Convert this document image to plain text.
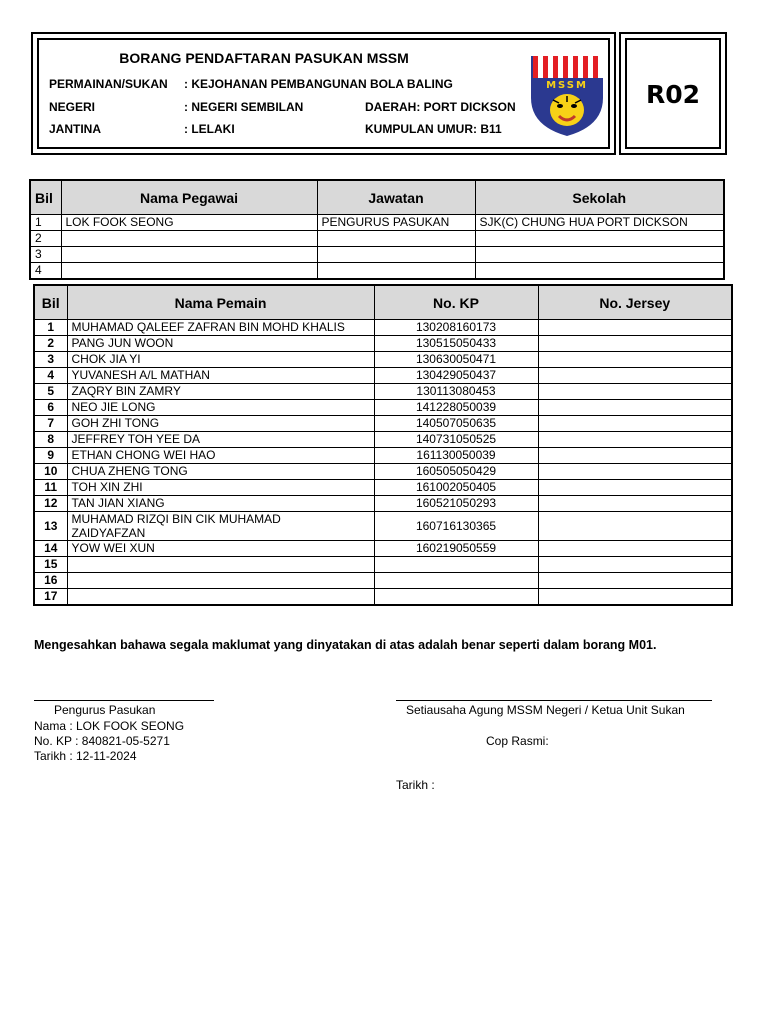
BORANG PENDAFTARAN PASUKAN MSSM
PERMAINAN/SUKAN : KEJOHANAN PEMBANGUNAN BOLA BALING
NEGERI	: NEGERI SEMBILAN	DAERAH: PORT DICKSON
JANTINA	: LELAKI	KUMPULAN UMUR: B11
MSSM	R02
Bil	Nama Pegawai	Jawatan	Sekolah
1	LOK FOOK SEONG	PENGURUS PASUKAN	SJK(C) CHUNG HUA PORT DICKSON
2			
3			
4			
Bil	Nama Pemain	No. KP	No. Jersey
1	MUHAMAD QALEEF ZAFRAN BIN MOHD KHALIS	130208160173	
2	PANG JUN WOON	130515050433	
3	CHOK JIA YI	130630050471	
4	YUVANESH A/L MATHAN	130429050437	
5	ZAQRY BIN ZAMRY	130113080453	
6	NEO JIE LONG	141228050039	
7	GOH ZHI TONG	140507050635	
8	JEFFREY TOH YEE DA	140731050525	
9	ETHAN CHONG WEI HAO	161130050039	
10	CHUA ZHENG TONG	160505050429	
11	TOH XIN ZHI	161002050405	
12	TAN JIAN XIANG	160521050293	
13	MUHAMAD RIZQI BIN CIK MUHAMAD
ZAIDYAFZAN	160716130365	
14	YOW WEI XUN	160219050559	
15			
16			
17			
Mengesahkan bahawa segala maklumat yang dinyatakan di atas adalah benar seperti dalam borang M01.
Pengurus Pasukan
Nama : LOK FOOK SEONG
No. KP : 840821-05-5271
Tarikh : 12-11-2024
Setiausaha Agung MSSM Negeri / Ketua Unit Sukan
Cop Rasmi:
Tarikh :
